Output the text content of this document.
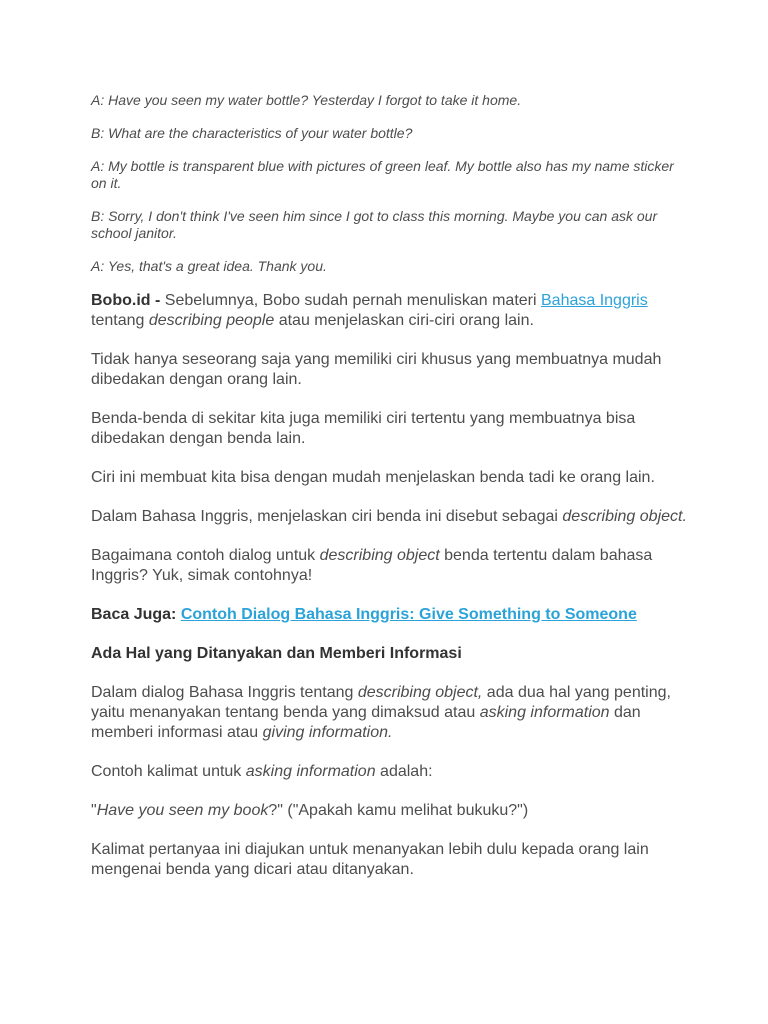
A: Have you seen my water bottle? Yesterday I forgot to take it home.

B: What are the characteristics of your water bottle?

A: My bottle is transparent blue with pictures of green leaf. My bottle also has my name sticker on it.

B: Sorry, I don't think I've seen him since I got to class this morning. Maybe you can ask our school janitor.

A: Yes, that's a great idea. Thank you.

Bobo.id - Sebelumnya, Bobo sudah pernah menuliskan materi Bahasa Inggris tentang describing people atau menjelaskan ciri-ciri orang lain.

Tidak hanya seseorang saja yang memiliki ciri khusus yang membuatnya mudah dibedakan dengan orang lain.

Benda-benda di sekitar kita juga memiliki ciri tertentu yang membuatnya bisa dibedakan dengan benda lain.

Ciri ini membuat kita bisa dengan mudah menjelaskan benda tadi ke orang lain.

Dalam Bahasa Inggris, menjelaskan ciri benda ini disebut sebagai describing object.

Bagaimana contoh dialog untuk describing object benda tertentu dalam bahasa Inggris? Yuk, simak contohnya!

Baca Juga: Contoh Dialog Bahasa Inggris: Give Something to Someone

Ada Hal yang Ditanyakan dan Memberi Informasi

Dalam dialog Bahasa Inggris tentang describing object, ada dua hal yang penting, yaitu menanyakan tentang benda yang dimaksud atau asking information dan memberi informasi atau giving information.

Contoh kalimat untuk asking information adalah:

"Have you seen my book?" ("Apakah kamu melihat bukuku?")

Kalimat pertanyaa ini diajukan untuk menanyakan lebih dulu kepada orang lain mengenai benda yang dicari atau ditanyakan.
